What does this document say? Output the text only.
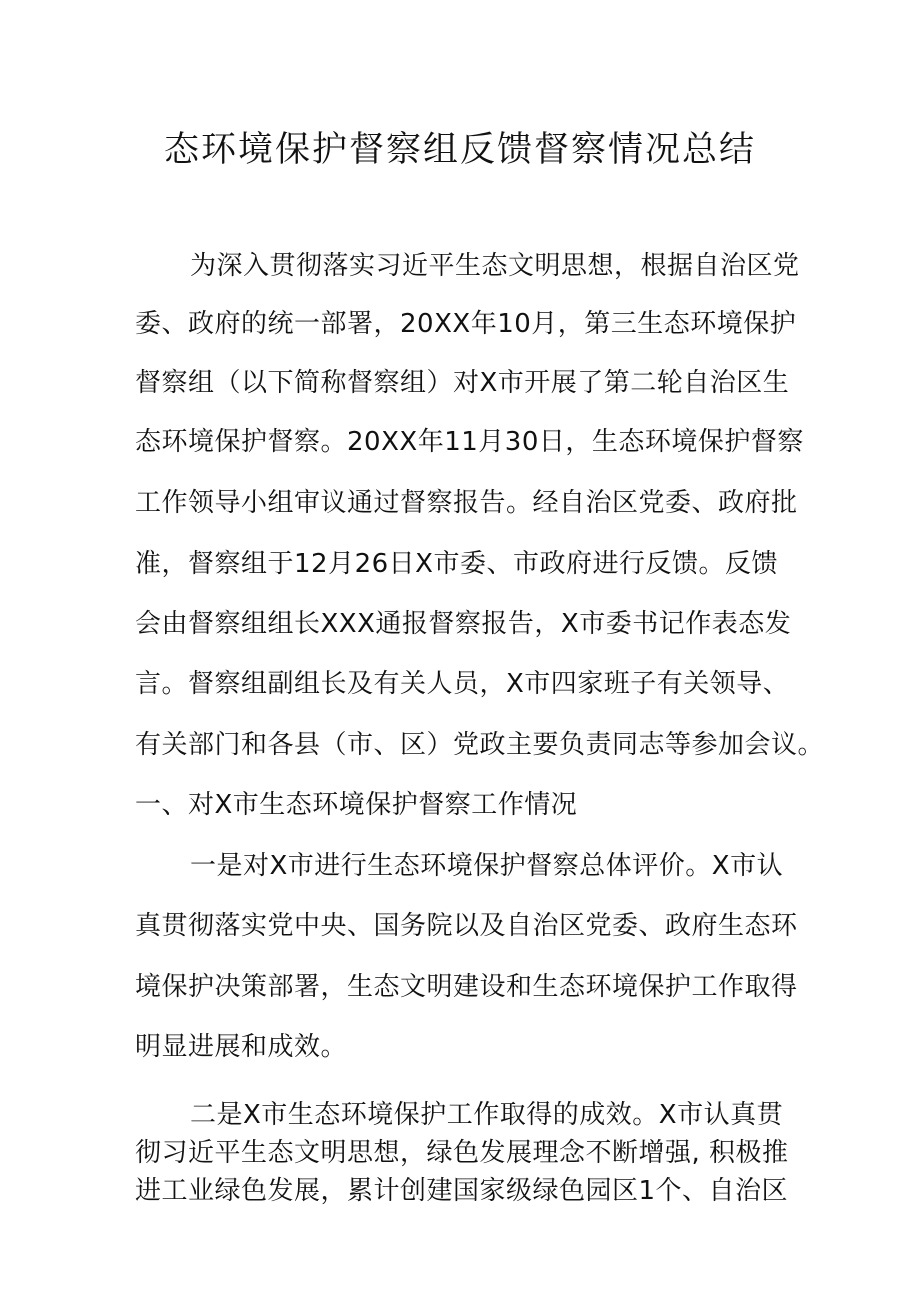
态环境保护督察组反馈督察情况总结

为深入贯彻落实习近平生态文明思想，根据自治区党

委、政府的统一部署，20XX年10月，第三生态环境保护

督察组（以下简称督察组）对X市开展了第二轮自治区生

态环境保护督察。20XX年11月30日，生态环境保护督察

工作领导小组审议通过督察报告。经自治区党委、政府批

准，督察组于12月26日X市委、市政府进行反馈。反馈

会由督察组组长XXX通报督察报告，X市委书记作表态发

言。督察组副组长及有关人员，X市四家班子有关领导、

有关部门和各县（市、区）党政主要负责同志等参加会议。

一、对X市生态环境保护督察工作情况

一是对X市进行生态环境保护督察总体评价。X市认

真贯彻落实党中央、国务院以及自治区党委、政府生态环

境保护决策部署，生态文明建设和生态环境保护工作取得

明显进展和成效。

二是X市生态环境保护工作取得的成效。X市认真贯

彻习近平生态文明思想，绿色发展理念不断增强, 积极推

进工业绿色发展，累计创建国家级绿色园区1个、自治区
